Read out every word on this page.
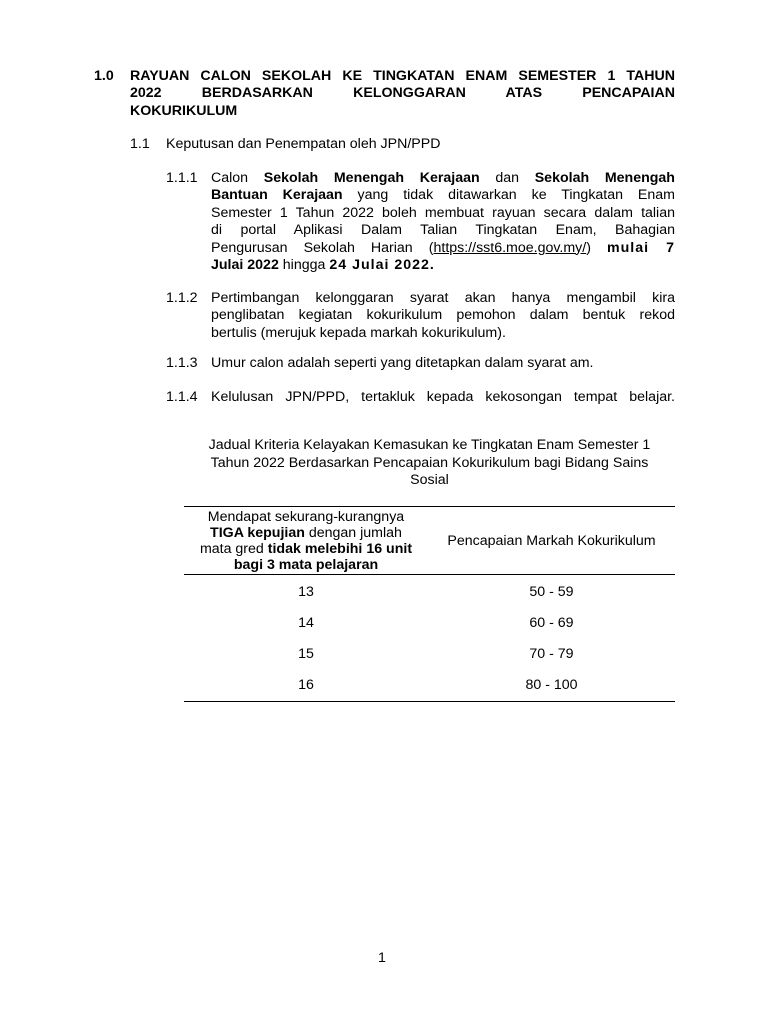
1.0 RAYUAN CALON SEKOLAH KE TINGKATAN ENAM SEMESTER 1 TAHUN
2022 BERDASARKAN KELONGGARAN ATAS PENCAPAIAN
KOKURIKULUM
1.1 Keputusan dan Penempatan oleh JPN/PPD
1.1.1 Calon Sekolah Menengah Kerajaan dan Sekolah Menengah
Bantuan Kerajaan yang tidak ditawarkan ke Tingkatan Enam
Semester 1 Tahun 2022 boleh membuat rayuan secara dalam talian
di portal Aplikasi Dalam Talian Tingkatan Enam, Bahagian
Pengurusan Sekolah Harian (https://sst6.moe.gov.my/) mulai 7
Julai 2022 hingga 24 Julai 2022.
1.1.2 Pertimbangan kelonggaran syarat akan hanya mengambil kira
penglibatan kegiatan kokurikulum pemohon dalam bentuk rekod
bertulis (merujuk kepada markah kokurikulum).
1.1.3 Umur calon adalah seperti yang ditetapkan dalam syarat am.
1.1.4 Kelulusan JPN/PPD, tertakluk kepada kekosongan tempat belajar.
Jadual Kriteria Kelayakan Kemasukan ke Tingkatan Enam Semester 1
Tahun 2022 Berdasarkan Pencapaian Kokurikulum bagi Bidang Sains
Sosial
Mendapat sekurang-kurangnya
TIGA kepujian dengan jumlah
mata gred tidak melebihi 16 unit
bagi 3 mata pelajaran	Pencapaian Markah Kokurikulum
13	50 - 59
14	60 - 69
15	70 - 79
16	80 - 100
1
